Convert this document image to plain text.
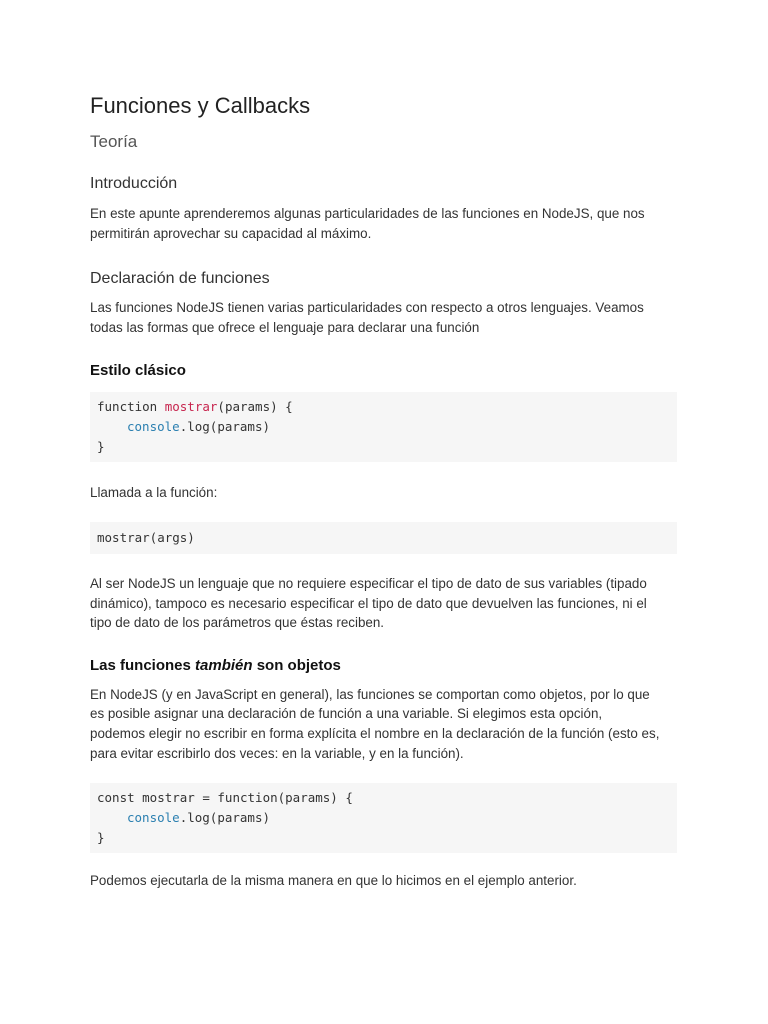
Funciones y Callbacks
Teoría
Introducción
En este apunte aprenderemos algunas particularidades de las funciones en NodeJS, que nos
permitirán aprovechar su capacidad al máximo.
Declaración de funciones
Las funciones NodeJS tienen varias particularidades con respecto a otros lenguajes. Veamos
todas las formas que ofrece el lenguaje para declarar una función
Estilo clásico
function mostrar(params) {
console.log(params)
}
Llamada a la función:
mostrar(args)
Al ser NodeJS un lenguaje que no requiere especificar el tipo de dato de sus variables (tipado
dinámico), tampoco es necesario especificar el tipo de dato que devuelven las funciones, ni el
tipo de dato de los parámetros que éstas reciben.
Las funciones también son objetos
En NodeJS (y en JavaScript en general), las funciones se comportan como objetos, por lo que
es posible asignar una declaración de función a una variable. Si elegimos esta opción,
podemos elegir no escribir en forma explícita el nombre en la declaración de la función (esto es,
para evitar escribirlo dos veces: en la variable, y en la función).
const mostrar = function(params) {
console.log(params)
}
Podemos ejecutarla de la misma manera en que lo hicimos en el ejemplo anterior.
